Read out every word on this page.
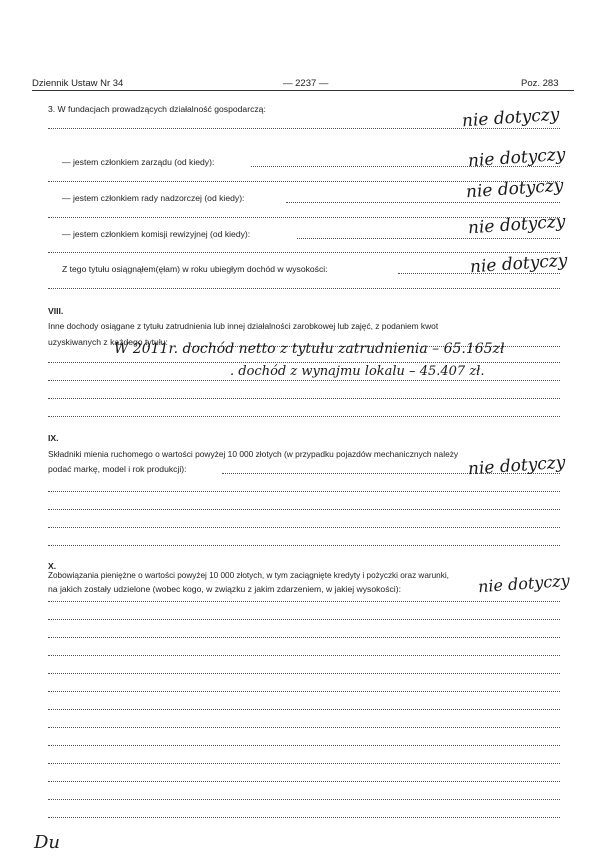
Dziennik Ustaw Nr 34	— 2237 —	Poz. 283
3. W fundacjach prowadzących działalność gospodarczą:	nie dotyczy
— jestem członkiem zarządu (od kiedy):	nie dotyczy
— jestem członkiem rady nadzorczej (od kiedy):	nie dotyczy
— jestem członkiem komisji rewizyjnej (od kiedy):	nie dotyczy
Z tego tytułu osiągnąłem(ęłam) w roku ubiegłym dochód w wysokości:	nie dotyczy
VIII.
Inne dochody osiągane z tytułu zatrudnienia lub innej działalności zarobkowej lub zajęć, z podaniem kwot
uzyskiwanych z każdego tytułu:
W 2011r. dochód netto z tytułu zatrudnienia – 65.165zł
. dochód z wynajmu lokalu – 45.407 zł.
IX.
Składniki mienia ruchomego o wartości powyżej 10 000 złotych (w przypadku pojazdów mechanicznych należy
podać markę, model i rok produkcji):	nie dotyczy
X.
Zobowiązania pieniężne o wartości powyżej 10 000 złotych, w tym zaciągnięte kredyty i pożyczki oraz warunki,
na jakich zostały udzielone (wobec kogo, w związku z jakim zdarzeniem, w jakiej wysokości):	nie dotyczy
Du
